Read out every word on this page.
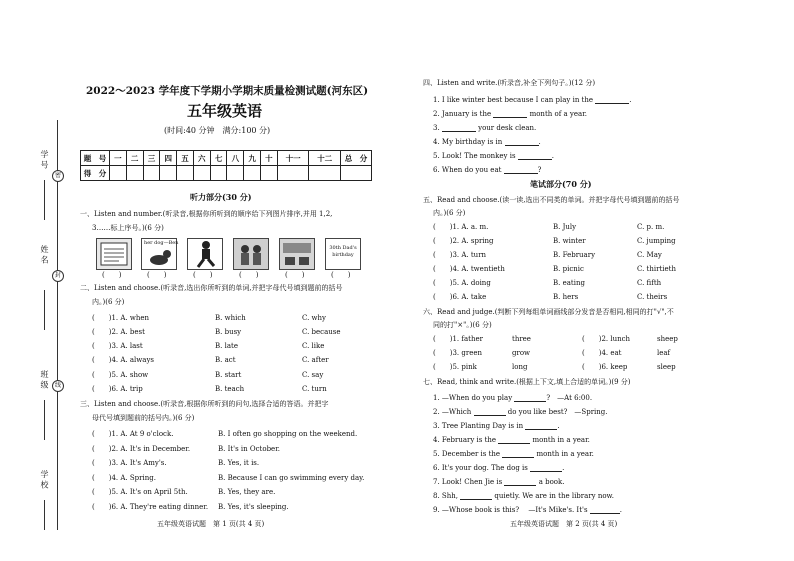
学 号
姓 名
班 级
学 校
密
封
线
2022～2023 学年度下学期小学期末质量检测试题(河东区)
五年级英语
(时间:40 分钟　满分:100 分)
题　号	一	二	三	四	五	六	七	八	九	十	十一	十二	总　分
得　分													
听力部分(30 分)
一、Listen and number.(听录音,根据你所听到的顺序给下列图片排序,并用 1,2,
3……标上序号。)(6 分)
her dog—Ben
30th Dad's birthday
(　　)	(　　)	(　　)	(　　)	(　　)	(　　)
二、Listen and choose.(听录音,选出你所听到的单词,并把字母代号填到题前的括号
内。)(6 分)
(　　)1. A. when	B. which	C. why
(　　)2. A. best	B. busy	C. because
(　　)3. A. last	B. late	C. like
(　　)4. A. always	B. act	C. after
(　　)5. A. show	B. start	C. say
(　　)6. A. trip	B. teach	C. turn
三、Listen and choose.(听录音,根据你所听到的问句,选择合适的答语。并把字
母代号填到题前的括号内。)(6 分)
(　　)1. A. At 9 o'clock.	B. I often go shopping on the weekend.
(　　)2. A. It's in December.	B. It's in October.
(　　)3. A. It's Amy's.	B. Yes, it is.
(　　)4. A. Spring.	B. Because I can go swimming every day.
(　　)5. A. It's on April 5th.	B. Yes, they are.
(　　)6. A. They're eating dinner. B. Yes, it's sleeping.
五年级英语试题　第 1 页(共 4 页)
四、Listen and write.(听录音,补全下列句子。)(12 分)
1. I like winter best because I can play in the	.
2. January is the	month of a year.
3.	your desk clean.
4. My birthday is in	.
5. Look! The monkey is	.
6. When do you eat	?
笔试部分(70 分)
五、Read and choose.(读一读,选出不同类的单词。并把字母代号填到题前的括号
内。)(6 分)
(　　)1. A. a. m.	B. July	C. p. m.
(　　)2. A. spring	B. winter	C. jumping
(　　)3. A. turn	B. February	C. May
(　　)4. A. twentieth	B. picnic	C. thirtieth
(　　)5. A. doing	B. eating	C. fifth
(　　)6. A. take	B. hers	C. theirs
六、Read and judge.(判断下列每组单词画线部分发音是否相同,相同的打"√",不
同的打"×"。)(6 分)
(　　)1. father	three	(　　)2. lunch	sheep
(　　)3. green	grow	(　　)4. eat	leaf
(　　)5. pink	long	(　　)6. keep	sleep
七、Read, think and write.(根据上下文,填上合适的单词。)(9 分)
1. —When do you play	?　—At 6:00.
2. —Which	do you like best?　—Spring.
3. Tree Planting Day is in	.
4. February is the	month in a year.
5. December is the	month in a year.
6. It's your dog. The dog is	.
7. Look! Chen Jie is	a book.
8. Shh,	quietly. We are in the library now.
9. —Whose book is this? 　—It's Mike's. It's	.
五年级英语试题　第 2 页(共 4 页)
